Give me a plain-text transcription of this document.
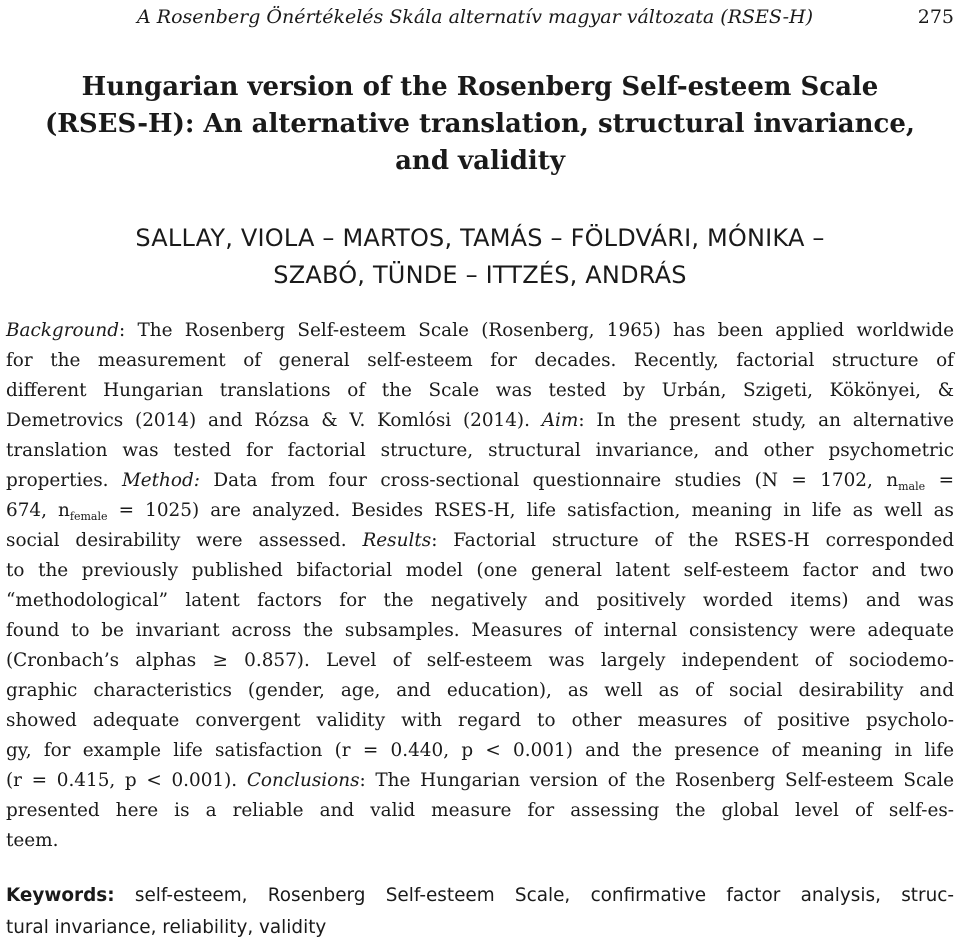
A Rosenberg Önértékelés Skála alternatív magyar változata (RSES-H)	275
Hungarian version of the Rosenberg Self-esteem Scale
(RSES-H): An alternative translation, structural invariance,
and validity
SALLAY, VIOLA – MARTOS, TAMÁS – FÖLDVÁRI, MÓNIKA –
SZABÓ, TÜNDE – ITTZÉS, ANDRÁS
Background: The Rosenberg Self-esteem Scale (Rosenberg, 1965) has been applied worldwide
for the measurement of general self-esteem for decades. Recently, factorial structure of
different Hungarian translations of the Scale was tested by Urbán, Szigeti, Kökönyei, &
Demetrovics (2014) and Rózsa & V. Komlósi (2014). Aim: In the present study, an alternative
translation was tested for factorial structure, structural invariance, and other psychometric
properties. Method: Data from four cross-sectional questionnaire studies (N = 1702, $n_{male}$ =
674, $n_{female} = 1025$) are analyzed. Besides RSES-H, life satisfaction, meaning in life as well as
social desirability were assessed. Results: Factorial structure of the RSES-H corresponded
to the previously published bifactorial model (one general latent self-esteem factor and two
“methodological” latent factors for the negatively and positively worded items) and was
found to be invariant across the subsamples. Measures of internal consistency were adequate
(Cronbach’s alphas ≥ 0.857). Level of self-esteem was largely independent of sociodemo-
graphic characteristics (gender, age, and education), as well as of social desirability and
showed adequate convergent validity with regard to other measures of positive psycholo-
gy, for example life satisfaction (r = 0.440, p < 0.001) and the presence of meaning in life
(r = 0.415, p < 0.001). Conclusions: The Hungarian version of the Rosenberg Self-esteem Scale
presented here is a reliable and valid measure for assessing the global level of self-es-
teem.
Keywords: self-esteem, Rosenberg Self-esteem Scale, confirmative factor analysis, struc-
tural invariance, reliability, validity
